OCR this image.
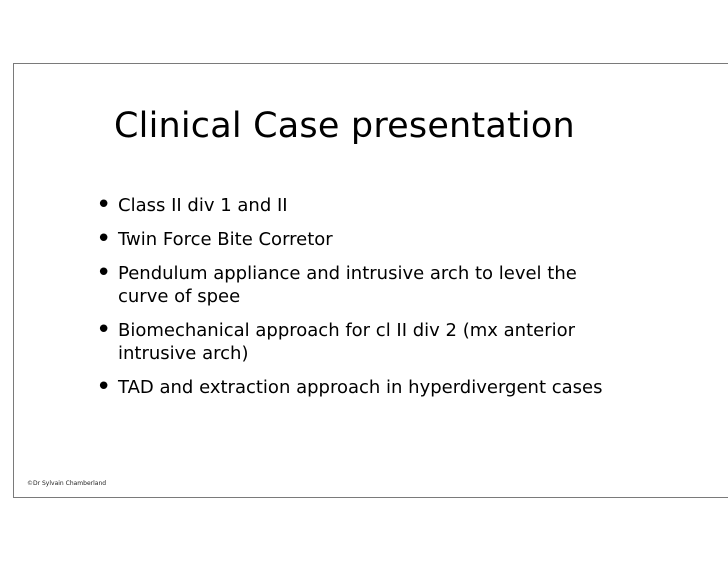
Clinical Case presentation
• Class II div 1 and II
• Twin Force Bite Corretor
• Pendulum appliance and intrusive arch to level the curve of spee
• Biomechanical approach for cl II div 2 (mx anterior intrusive arch)
• TAD and extraction approach in hyperdivergent cases
©Dr Sylvain Chamberland
